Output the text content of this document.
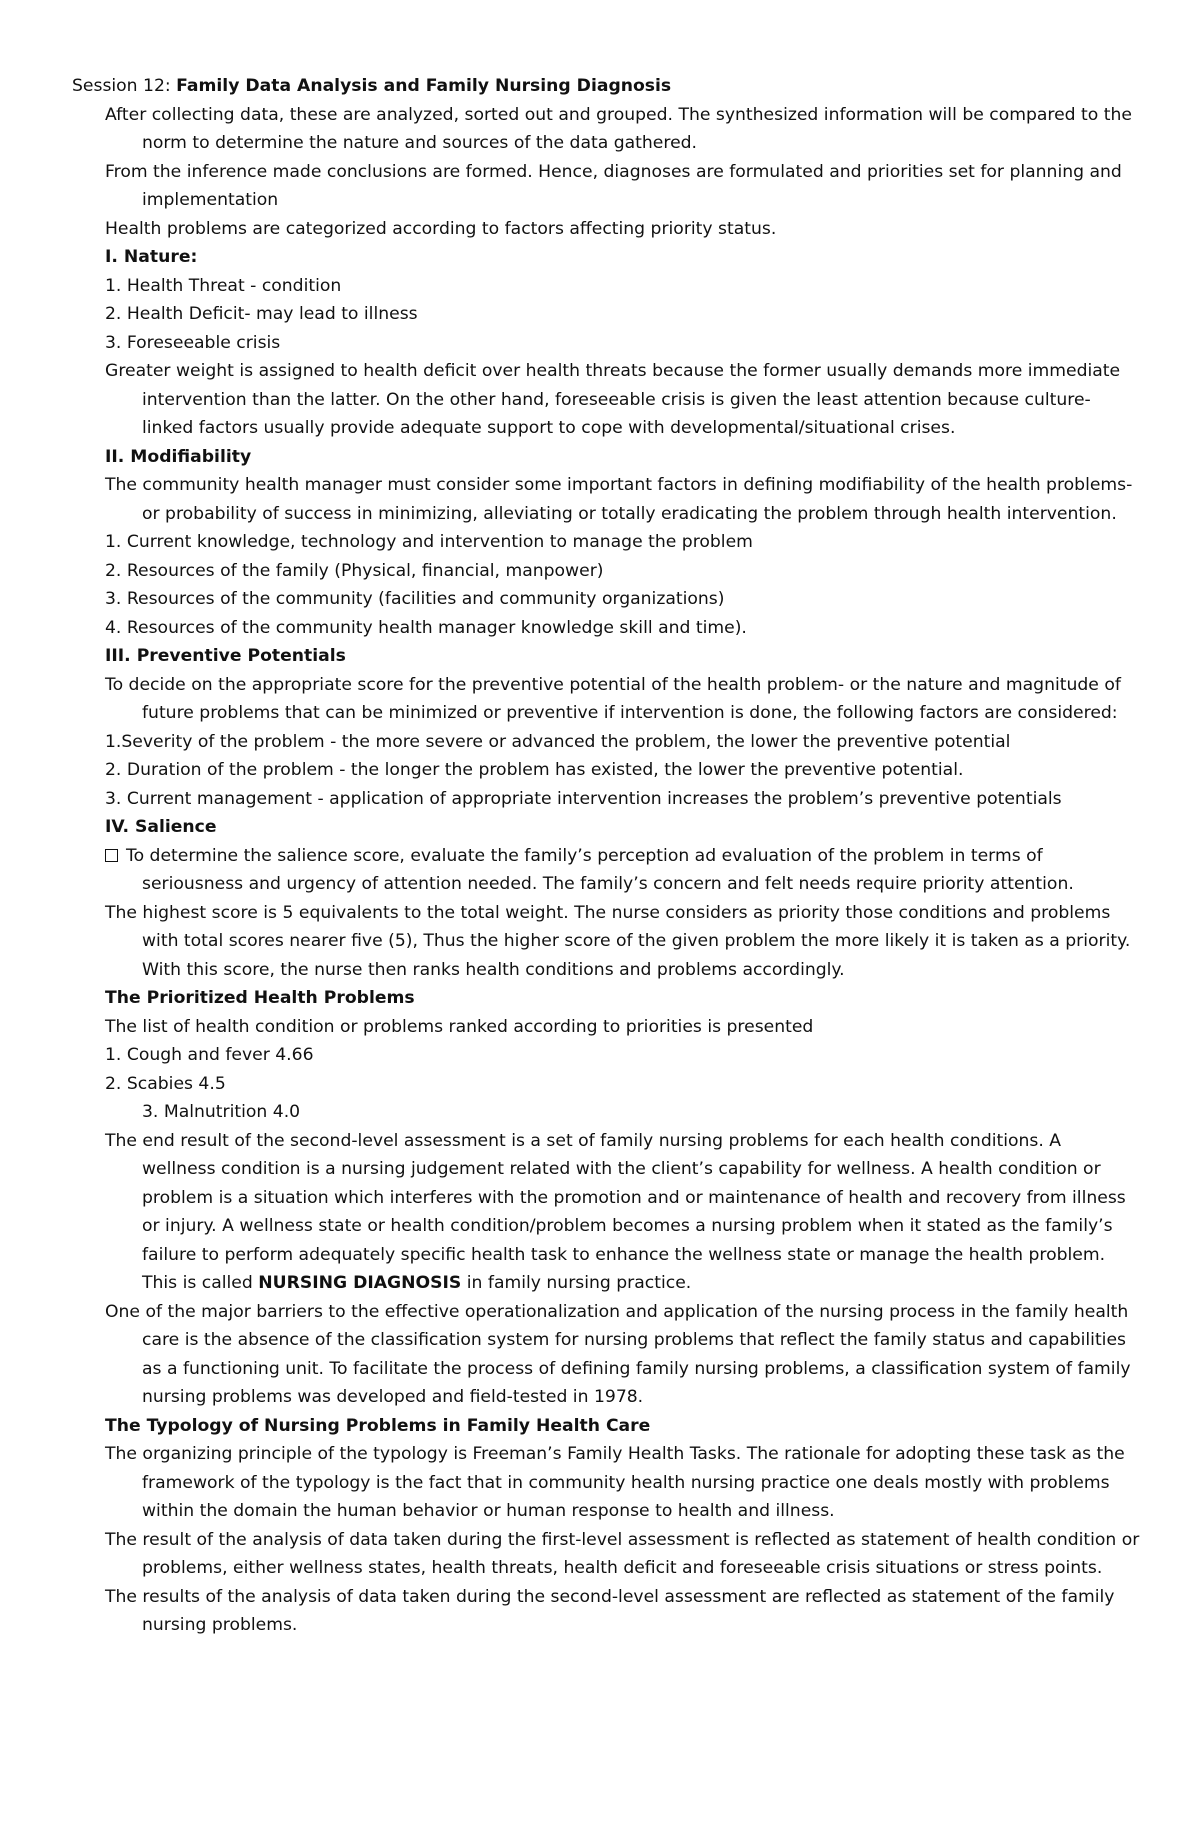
Session 12: Family Data Analysis and Family Nursing Diagnosis

After collecting data, these are analyzed, sorted out and grouped. The synthesized information will be compared to the norm to determine the nature and sources of the data gathered.

From the inference made conclusions are formed. Hence, diagnoses are formulated and priorities set for planning and implementation

Health problems are categorized according to factors affecting priority status.

I. Nature:

1. Health Threat - condition

2. Health Deficit- may lead to illness

3. Foreseeable crisis

Greater weight is assigned to health deficit over health threats because the former usually demands more immediate intervention than the latter. On the other hand, foreseeable crisis is given the least attention because culture-linked factors usually provide adequate support to cope with developmental/situational crises.

II. Modifiability

The community health manager must consider some important factors in defining modifiability of the health problems- or probability of success in minimizing, alleviating or totally eradicating the problem through health intervention.

1. Current knowledge, technology and intervention to manage the problem

2. Resources of the family (Physical, financial, manpower)

3. Resources of the community (facilities and community organizations)

4. Resources of the community health manager knowledge skill and time).

III. Preventive Potentials

To decide on the appropriate score for the preventive potential of the health problem- or the nature and magnitude of future problems that can be minimized or preventive if intervention is done, the following factors are considered:

1.Severity of the problem - the more severe or advanced the problem, the lower the preventive potential

2. Duration of the problem - the longer the problem has existed, the lower the preventive potential.

3. Current management - application of appropriate intervention increases the problem’s preventive potentials

IV. Salience

To determine the salience score, evaluate the family’s perception ad evaluation of the problem in terms of seriousness and urgency of attention needed. The family’s concern and felt needs require priority attention.

The highest score is 5 equivalents to the total weight. The nurse considers as priority those conditions and problems with total scores nearer five (5), Thus the higher score of the given problem the more likely it is taken as a priority. With this score, the nurse then ranks health conditions and problems accordingly.

The Prioritized Health Problems

The list of health condition or problems ranked according to priorities is presented

1. Cough and fever 4.66

2. Scabies 4.5

3. Malnutrition 4.0

The end result of the second-level assessment is a set of family nursing problems for each health conditions. A wellness condition is a nursing judgement related with the client’s capability for wellness. A health condition or problem is a situation which interferes with the promotion and or maintenance of health and recovery from illness or injury. A wellness state or health condition/problem becomes a nursing problem when it stated as the family’s failure to perform adequately specific health task to enhance the wellness state or manage the health problem. This is called NURSING DIAGNOSIS in family nursing practice.

One of the major barriers to the effective operationalization and application of the nursing process in the family health care is the absence of the classification system for nursing problems that reflect the family status and capabilities as a functioning unit. To facilitate the process of defining family nursing problems, a classification system of family nursing problems was developed and field-tested in 1978.

The Typology of Nursing Problems in Family Health Care

The organizing principle of the typology is Freeman’s Family Health Tasks. The rationale for adopting these task as the framework of the typology is the fact that in community health nursing practice one deals mostly with problems within the domain the human behavior or human response to health and illness.

The result of the analysis of data taken during the first-level assessment is reflected as statement of health condition or problems, either wellness states, health threats, health deficit and foreseeable crisis situations or stress points.

The results of the analysis of data taken during the second-level assessment are reflected as statement of the family nursing problems.
